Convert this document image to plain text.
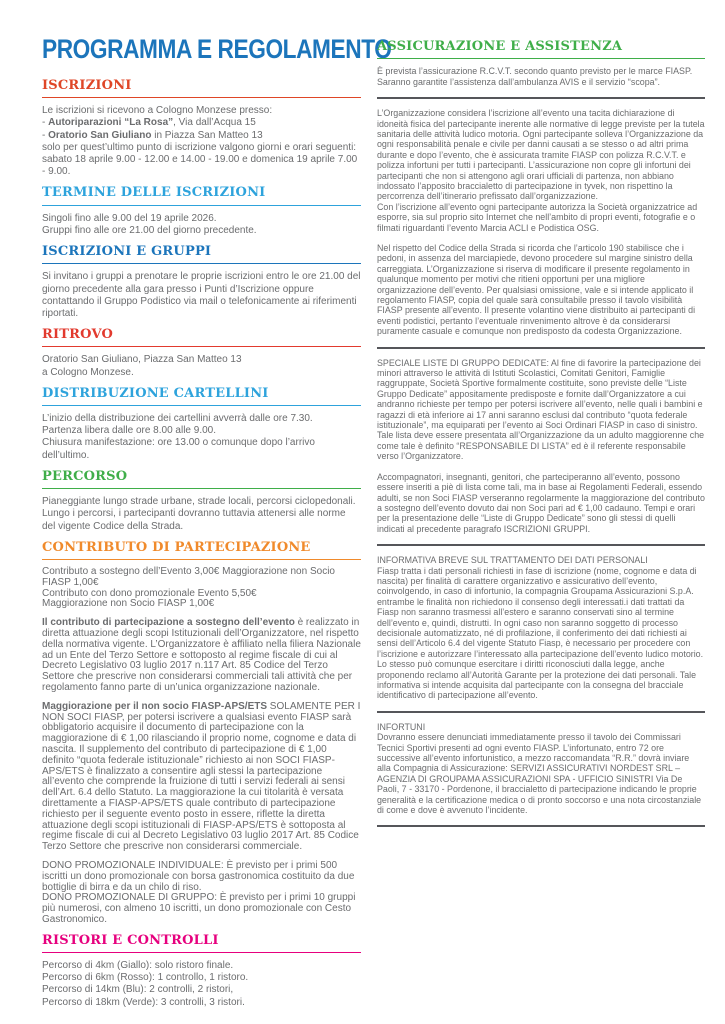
PROGRAMMA E REGOLAMENTO
ISCRIZIONI

Le iscrizioni si ricevono a Cologno Monzese presso:
- Autoriparazioni “La Rosa”, Via dall’Acqua 15
- Oratorio San Giuliano in Piazza San Matteo 13
solo per quest’ultimo punto di iscrizione valgono giorni e orari seguenti: sabato 18 aprile 9.00 - 12.00 e 14.00 - 19.00 e domenica 19 aprile 7.00 - 9.00.

TERMINE DELLE ISCRIZIONI

Singoli fino alle 9.00 del 19 aprile 2026.
Gruppi fino alle ore 21.00 del giorno precedente.

ISCRIZIONI E GRUPPI

Si invitano i gruppi a prenotare le proprie iscrizioni entro le ore 21.00 del giorno precedente alla gara presso i Punti d’Iscrizione oppure contattando il Gruppo Podistico via mail o telefonicamente ai riferimenti riportati.

RITROVO

Oratorio San Giuliano, Piazza San Matteo 13
a Cologno Monzese.

DISTRIBUZIONE CARTELLINI

L’inizio della distribuzione dei cartellini avverrà dalle ore 7.30.
Partenza libera dalle ore 8.00 alle 9.00.
Chiusura manifestazione: ore 13.00 o comunque dopo l’arrivo dell’ultimo.

PERCORSO

Pianeggiante lungo strade urbane, strade locali, percorsi ciclopedonali. Lungo i percorsi, i partecipanti dovranno tuttavia attenersi alle norme del vigente Codice della Strada.

CONTRIBUTO DI PARTECIPAZIONE

Contributo a sostegno dell’Evento 3,00€ Maggiorazione non Socio FIASP 1,00€
Contributo con dono promozionale Evento 5,50€
Maggiorazione non Socio FIASP 1,00€

Il contributo di partecipazione a sostegno dell’evento è realizzato in diretta attuazione degli scopi Istituzionali dell’Organizzatore, nel rispetto della normativa vigente. L’Organizzatore è affiliato nella filiera Nazionale ad un Ente del Terzo Settore e sottoposto al regime fiscale di cui al Decreto Legislativo 03 luglio 2017 n.117 Art. 85 Codice del Terzo Settore che prescrive non considerarsi commerciali tali attività che per regolamento fanno parte di un’unica organizzazione nazionale.

Maggiorazione per il non socio FIASP-APS/ETS SOLAMENTE PER I NON SOCI FIASP, per potersi iscrivere a qualsiasi evento FIASP sarà obbligatorio acquisire il documento di partecipazione con la maggiorazione di € 1,00 rilasciando il proprio nome, cognome e data di nascita. Il supplemento del contributo di partecipazione di € 1,00 definito “quota federale istituzionale” richiesto ai non SOCI FIASP-APS/ETS è finalizzato a consentire agli stessi la partecipazione all’evento che comprende la fruizione di tutti i servizi federali ai sensi dell’Art. 6.4 dello Statuto. La maggiorazione la cui titolarità è versata direttamente a FIASP-APS/ETS quale contributo di partecipazione richiesto per il seguente evento posto in essere, riflette la diretta attuazione degli scopi istituzionali di FIASP-APS/ETS è sottoposta al regime fiscale di cui al Decreto Legislativo 03 luglio 2017 Art. 85 Codice Terzo Settore che prescrive non considerarsi commerciale.

DONO PROMOZIONALE INDIVIDUALE: È previsto per i primi 500 iscritti un dono promozionale con borsa gastronomica costituito da due bottiglie di birra e da un chilo di riso.
DONO PROMOZIONALE DI GRUPPO: È previsto per i primi 10 gruppi più numerosi, con almeno 10 iscritti, un dono promozionale con Cesto Gastronomico.

RISTORI E CONTROLLI

Percorso di 4km (Giallo): solo ristoro finale.
Percorso di 6km (Rosso): 1 controllo, 1 ristoro.
Percorso di 14km (Blu): 2 controlli, 2 ristori,
Percorso di 18km (Verde): 3 controlli, 3 ristori.

ASSICURAZIONE E ASSISTENZA

È prevista l’assicurazione R.C.V.T. secondo quanto previsto per le marce FIASP.
Saranno garantite l’assistenza dall’ambulanza AVIS e il servizio “scopa”.

L’Organizzazione considera l’iscrizione all’evento una tacita dichiarazione di idoneità fisica del partecipante inerente alle normative di legge previste per la tutela sanitaria delle attività ludico motoria. Ogni partecipante solleva l’Organizzazione da ogni responsabilità penale e civile per danni causati a se stesso o ad altri prima durante e dopo l’evento, che è assicurata tramite FIASP con polizza R.C.V.T. e polizza infortuni per tutti i partecipanti. L’assicurazione non copre gli infortuni dei partecipanti che non si attengono agli orari ufficiali di partenza, non abbiano indossato l’apposito braccialetto di partecipazione in tyvek, non rispettino la percorrenza dell’itinerario prefissato dall’organizzazione.
Con l’iscrizione all’evento ogni partecipante autorizza la Società organizzatrice ad esporre, sia sul proprio sito Internet che nell’ambito di propri eventi, fotografie e o filmati riguardanti l’evento Marcia ACLI e Podistica OSG.

Nel rispetto del Codice della Strada si ricorda che l’articolo 190 stabilisce che i pedoni, in assenza del marciapiede, devono procedere sul margine sinistro della carreggiata. L’Organizzazione si riserva di modificare il presente regolamento in qualunque momento per motivi che ritieni opportuni per una migliore organizzazione dell’evento. Per qualsiasi omissione, vale e si intende applicato il regolamento FIASP, copia del quale sarà consultabile presso il tavolo visibilità FIASP presente all’evento. Il presente volantino viene distribuito ai partecipanti di eventi podistici, pertanto l’eventuale rinvenimento altrove è da considerarsi puramente casuale e comunque non predisposto da codesta Organizzazione.

SPECIALE LISTE DI GRUPPO DEDICATE: Al fine di favorire la partecipazione dei minori attraverso le attività di Istituti Scolastici, Comitati Genitori, Famiglie raggruppate, Società Sportive formalmente costituite, sono previste delle “Liste Gruppo Dedicate” appositamente predisposte e fornite dall’Organizzatore a cui andranno richieste per tempo per potersi iscrivere all’evento, nelle quali i bambini e ragazzi di età inferiore ai 17 anni saranno esclusi dal contributo “quota federale istituzionale”, ma equiparati per l’evento ai Soci Ordinari FIASP in caso di sinistro. Tale lista deve essere presentata all’Organizzazione da un adulto maggiorenne che come tale è definito “RESPONSABILE DI LISTA” ed è il referente responsabile verso l’Organizzatore.

Accompagnatori, insegnanti, genitori, che parteciperanno all’evento, possono essere inseriti a piè di lista come tali, ma in base ai Regolamenti Federali, essendo adulti, se non Soci FIASP verseranno regolarmente la maggiorazione del contributo a sostegno dell’evento dovuto dai non Soci pari ad € 1,00 cadauno. Tempi e orari per la presentazione delle “Liste di Gruppo Dedicate” sono gli stessi di quelli indicati al precedente paragrafo ISCRIZIONI GRUPPI.

INFORMATIVA BREVE SUL TRATTAMENTO DEI DATI PERSONALI
Fiasp tratta i dati personali richiesti in fase di iscrizione (nome, cognome e data di nascita) per finalità di carattere organizzativo e assicurativo dell’evento, coinvolgendo, in caso di infortunio, la compagnia Groupama Assicurazioni S.p.A. entrambe le finalità non richiedono il consenso degli interessati.i dati trattati da Fiasp non saranno trasmessi all’estero e saranno conservati sino al termine dell’evento e, quindi, distrutti. In ogni caso non saranno soggetto di processo decisionale automatizzato, né di profilazione, il conferimento dei dati richiesti ai sensi dell’Articolo 6.4 del vigente Statuto Fiasp, è necessario per procedere con l’iscrizione e autorizzare l’interessato alla partecipazione dell’evento ludico motorio. Lo stesso può comunque esercitare i diritti riconosciuti dalla legge, anche proponendo reclamo all’Autorità Garante per la protezione dei dati personali. Tale informativa si intende acquisita dal partecipante con la consegna del bracciale identificativo di partecipazione all’evento.

INFORTUNI
Dovranno essere denunciati immediatamente presso il tavolo dei Commissari Tecnici Sportivi presenti ad ogni evento FIASP. L’infortunato, entro 72 ore successive all’evento infortunistico, a mezzo raccomandata “R.R.” dovrà inviare alla Compagnia di Assicurazione: SERVIZI ASSICURATIVI NORDEST SRL – AGENZIA DI GROUPAMA ASSICURAZIONI SPA - UFFICIO SINISTRI Via De Paoli, 7 - 33170 - Pordenone, il braccialetto di partecipazione indicando le proprie generalità e la certificazione medica o di pronto soccorso e una nota circostanziale di come e dove è avvenuto l’incidente.
